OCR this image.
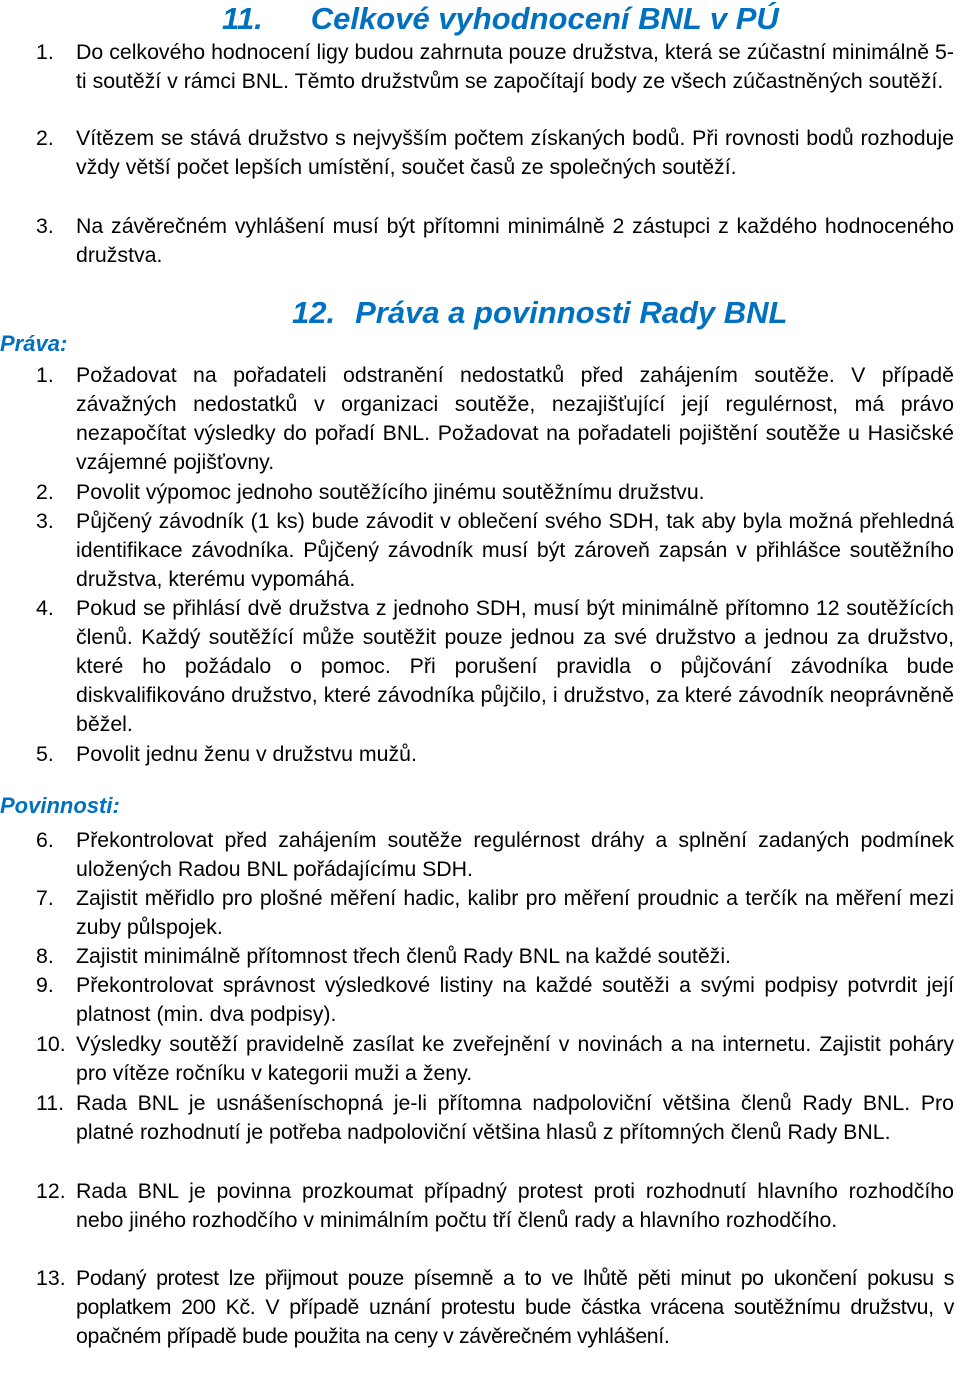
11. Celkové vyhodnocení BNL v PÚ
1. Do celkového hodnocení ligy budou zahrnuta pouze družstva, která se zúčastní minimálně 5-ti soutěží v rámci BNL. Těmto družstvům se započítají body ze všech zúčastněných soutěží.
2. Vítězem se stává družstvo s nejvyšším počtem získaných bodů. Při rovnosti bodů rozhoduje vždy větší počet lepších umístění, součet časů ze společných soutěží.
3. Na závěrečném vyhlášení musí být přítomni minimálně 2 zástupci z každého hodnoceného družstva.
12. Práva a povinnosti Rady BNL
Práva:
1. Požadovat na pořadateli odstranění nedostatků před zahájením soutěže. V případě závažných nedostatků v organizaci soutěže, nezajišťující její regulérnost, má právo nezapočítat výsledky do pořadí BNL. Požadovat na pořadateli pojištění soutěže u Hasičské vzájemné pojišťovny.
2. Povolit výpomoc jednoho soutěžícího jinému soutěžnímu družstvu.
3. Půjčený závodník (1 ks) bude závodit v oblečení svého SDH, tak aby byla možná přehledná identifikace závodníka. Půjčený závodník musí být zároveň zapsán v přihlášce soutěžního družstva, kterému vypomáhá.
4. Pokud se přihlásí dvě družstva z jednoho SDH, musí být minimálně přítomno 12 soutěžících členů. Každý soutěžící může soutěžit pouze jednou za své družstvo a jednou za družstvo, které ho požádalo o pomoc. Při porušení pravidla o půjčování závodníka bude diskvalifikováno družstvo, které závodníka půjčilo, i družstvo, za které závodník neoprávněně běžel.
5. Povolit jednu ženu v družstvu mužů.
Povinnosti:
6. Překontrolovat před zahájením soutěže regulérnost dráhy a splnění zadaných podmínek uložených Radou BNL pořádajícímu SDH.
7. Zajistit měřidlo pro plošné měření hadic, kalibr pro měření proudnic a terčík na měření mezi zuby půlspojek.
8. Zajistit minimálně přítomnost třech členů Rady BNL na každé soutěži.
9. Překontrolovat správnost výsledkové listiny na každé soutěži a svými podpisy potvrdit její platnost (min. dva podpisy).
10. Výsledky soutěží pravidelně zasílat ke zveřejnění v novinách a na internetu. Zajistit poháry pro vítěze ročníku v kategorii muži a ženy.
11. Rada BNL je usnášeníschopná je-li přítomna nadpoloviční většina členů Rady BNL. Pro platné rozhodnutí je potřeba nadpoloviční většina hlasů z přítomných členů Rady BNL.
12. Rada BNL je povinna prozkoumat případný protest proti rozhodnutí hlavního rozhodčího nebo jiného rozhodčího v minimálním počtu tří členů rady a hlavního rozhodčího.
13. Podaný protest lze přijmout pouze písemně a to ve lhůtě pěti minut po ukončení pokusu s poplatkem 200 Kč. V případě uznání protestu bude částka vrácena soutěžnímu družstvu, v opačném případě bude použita na ceny v závěrečném vyhlášení.
